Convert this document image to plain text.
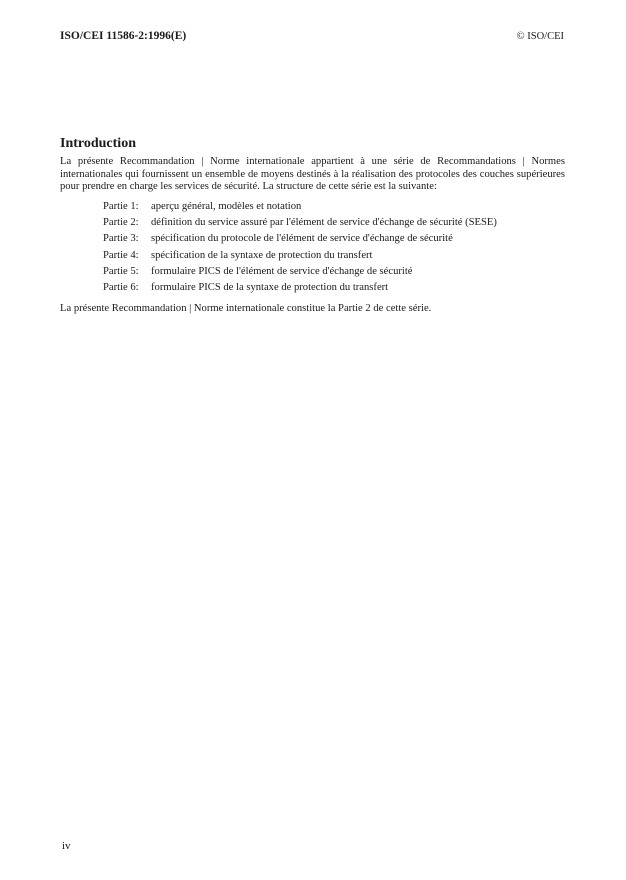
ISO/CEI 11586-2:1996(E)	© ISO/CEI
Introduction
La présente Recommandation | Norme internationale appartient à une série de Recommandations | Normes internationales qui fournissent un ensemble de moyens destinés à la réalisation des protocoles des couches supérieures pour prendre en charge les services de sécurité. La structure de cette série est la suivante:
Partie 1: aperçu général, modèles et notation
Partie 2: définition du service assuré par l'élément de service d'échange de sécurité (SESE)
Partie 3: spécification du protocole de l'élément de service d'échange de sécurité
Partie 4: spécification de la syntaxe de protection du transfert
Partie 5: formulaire PICS de l'élément de service d'échange de sécurité
Partie 6: formulaire PICS de la syntaxe de protection du transfert
La présente Recommandation | Norme internationale constitue la Partie 2 de cette série.
iv
